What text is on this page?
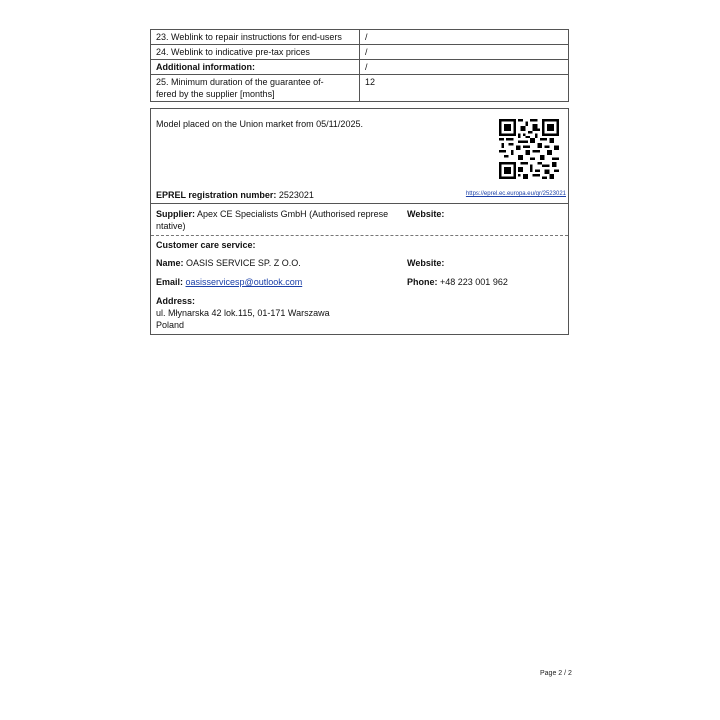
23. Weblink to repair instructions for end-users	/
24. Weblink to indicative pre-tax prices	/
Additional information:	/

25. Minimum duration of the guarantee of-
fered by the supplier [months]	12
Model placed on the Union market from 05/11/2025.
EPREL registration number: 2523021	https://eprel.ec.europa.eu/qr/2523021
Supplier: Apex CE Specialists GmbH (Authorised represe
ntative)
Website:
Customer care service:
Name: OASIS SERVICE SP. Z O.O.	Website:
Email: oasisservicesp@outlook.com	Phone: +48 223 001 962
Address:
ul. Młynarska 42 lok.115, 01-171 Warszawa
Poland
Page 2 / 2
